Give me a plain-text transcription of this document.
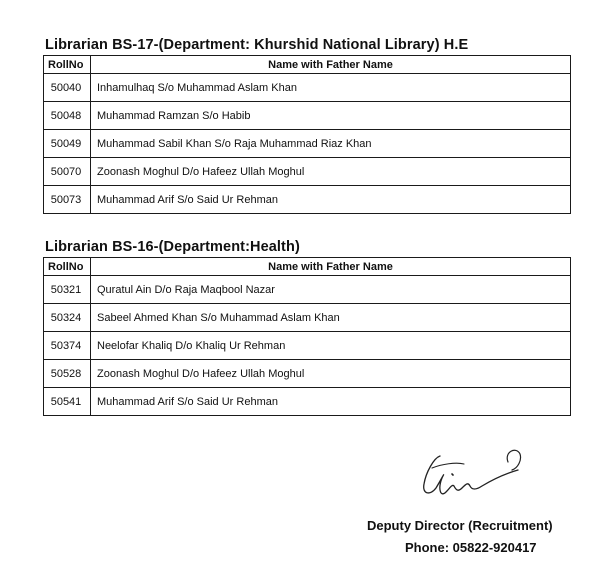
Librarian BS-17-(Department: Khurshid National Library) H.E
RollNo	Name with Father Name
50040	Inhamulhaq S/o Muhammad Aslam Khan
50048	Muhammad Ramzan S/o Habib
50049	Muhammad Sabil Khan S/o Raja Muhammad Riaz Khan
50070	Zoonash Moghul D/o Hafeez Ullah Moghul
50073	Muhammad Arif S/o Said Ur Rehman
Librarian BS-16-(Department:Health)
RollNo	Name with Father Name
50321	Quratul Ain D/o Raja Maqbool Nazar
50324	Sabeel Ahmed Khan S/o Muhammad Aslam Khan
50374	Neelofar Khaliq D/o Khaliq Ur Rehman
50528	Zoonash Moghul D/o Hafeez Ullah Moghul
50541	Muhammad Arif S/o Said Ur Rehman
Deputy Director (Recruitment)
Phone: 05822-920417
